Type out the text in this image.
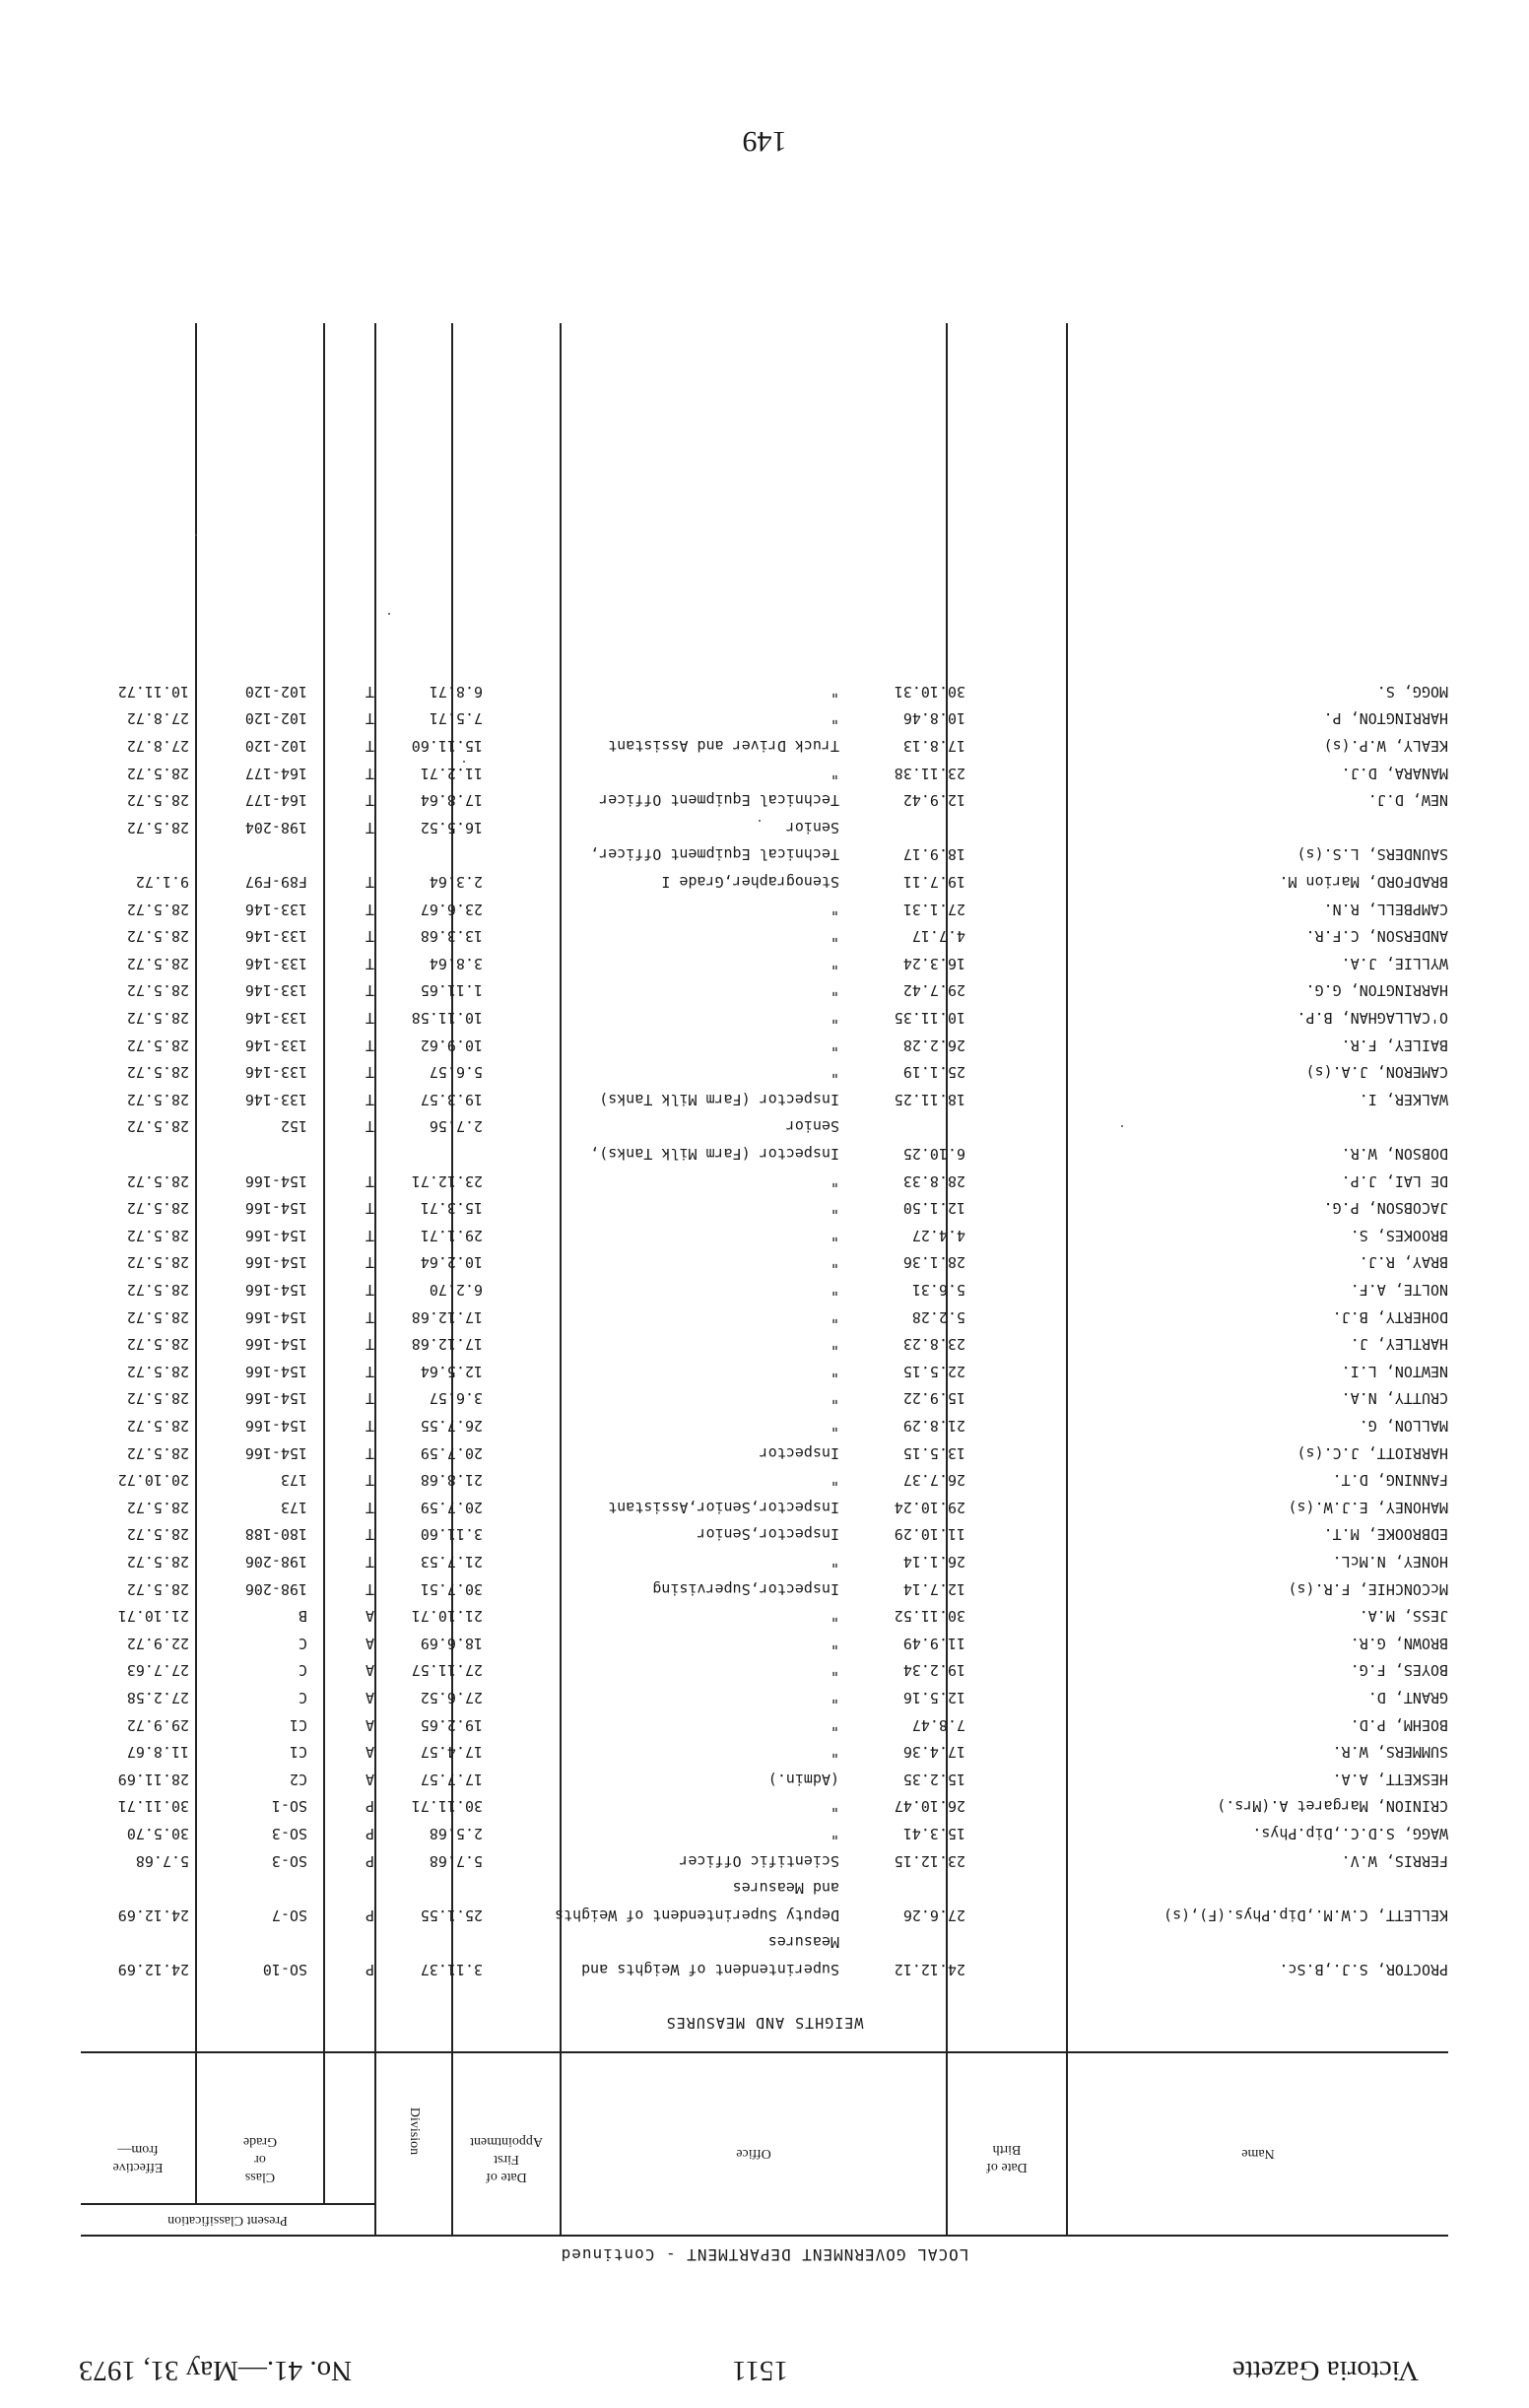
Victoria Gazette
1511
No. 41.—May 31, 1973
LOCAL GOVERNMENT DEPARTMENT - Continued
Name
Date of
Birth
Office
Date of
First
Appointment
Present Classification
Division
Class
or
Grade
Effective
from—
WEIGHTS AND MEASURES
PROCTOR, S.J.,B.Sc.
24.12.12
Superintendent of Weights and
3.11.37
P
SO-10
24.12.69
Measures
KELLETT, C.W.M.,Dip.Phys.(F),(s)
27.6.26
Deputy Superintendent of Weights
25.1.55
P
SO-7
24.12.69
and Measures
FERRIS, W.V.
23.12.15
Scientific Officer
5.7.68
P
SO-3
5.7.68
WAGG, S.D.C.,Dip.Phys.
15.3.41
"
2.5.68
P
SO-3
30.5.70
CRINION, Margaret A.(Mrs.)
26.10.47
"
30.11.71
P
SO-1
30.11.71
HESKETT, A.A.
15.2.35
(Admin.)
17.7.57
A
C2
28.11.69
SUMMERS, W.R.
17.4.36
"
17.4.57
A
C1
11.8.67
BOEHM, P.D.
7.8.47
"
19.2.65
A
C1
29.9.72
GRANT, D.
12.5.16
"
27.6.52
A
C
27.2.58
BOYES, F.G.
19.2.34
"
27.11.57
A
C
27.7.63
BROWN, G.R.
11.9.49
"
18.6.69
A
C
22.9.72
JESS, M.A.
30.11.52
"
21.10.71
A
B
21.10.71
McCONCHIE, F.R.(s)
12.7.14
Inspector,Supervising
30.7.51
T
198-206
28.5.72
HONEY, N.McL.
26.1.14
"
21.7.53
T
198-206
28.5.72
EDBROOKE, M.T.
11.10.29
Inspector,Senior
3.11.60
T
180-188
28.5.72
MAHONEY, E.J.W.(s)
29.10.24
Inspector,Senior,Assistant
20.7.59
T
173
28.5.72
FANNING, D.T.
26.7.37
"
21.8.68
T
173
20.10.72
HARRIOTT, J.C.(s)
13.5.15
Inspector
20.7.59
T
154-166
28.5.72
MALLON, G.
21.8.29
"
26.7.55
T
154-166
28.5.72
CRUTTY, N.A.
15.9.22
"
3.6.57
T
154-166
28.5.72
NEWTON, L.I.
22.5.15
"
12.5.64
T
154-166
28.5.72
HARTLEY, J.
23.8.23
"
17.12.68
T
154-166
28.5.72
DOHERTY, B.J.
5.2.28
"
17.12.68
T
154-166
28.5.72
NOLTE, A.F.
5.6.31
"
6.2.70
T
154-166
28.5.72
BRAY, R.J.
28.1.36
"
10.2.64
T
154-166
28.5.72
BROOKES, S.
4.4.27
"
29.1.71
T
154-166
28.5.72
JACOBSON, P.G.
12.1.50
"
15.3.71
T
154-166
28.5.72
DE LAI, J.P.
28.8.33
"
23.12.71
T
154-166
28.5.72
DOBSON, W.R.
6.10.25
Inspector (Farm Milk Tanks),
Senior
2.7.56
T
152
28.5.72
WALKER, I.
18.11.25
Inspector (Farm Milk Tanks)
19.3.57
T
133-146
28.5.72
CAMERON, J.A.(s)
25.1.19
"
5.6.57
T
133-146
28.5.72
BAILEY, F.R.
26.2.28
"
10.9.62
T
133-146
28.5.72
O'CALLAGHAN, B.P.
10.11.35
"
10.11.58
T
133-146
28.5.72
HARRINGTON, G.G.
29.7.42
"
1.11.65
T
133-146
28.5.72
WYLLIE, J.A.
16.3.24
"
3.8.64
T
133-146
28.5.72
ANDERSON, C.F.R.
4.7.17
"
13.3.68
T
133-146
28.5.72
CAMPBELL, R.N.
27.1.31
"
23.6.67
T
133-146
28.5.72
BRADFORD, Marion M.
19.7.11
Stenographer,Grade I
2.3.64
T
F89-F97
9.1.72
SAUNDERS, L.S.(s)
18.9.17
Technical Equipment Officer,
Senior
16.5.52
T
198-204
28.5.72
NEW, D.J.
12.9.42
Technical Equipment Officer
17.8.64
T
164-177
28.5.72
MANARA, D.J.
23.11.38
"
11.2.71
T
164-177
28.5.72
KEALY, W.P.(s)
17.8.13
Truck Driver and Assistant
15.11.60
T
102-120
27.8.72
HARRINGTON, P.
10.8.46
"
7.5.71
T
102-120
27.8.72
MOGG, S.
30.10.31
"
6.8.71
T
102-120
10.11.72
149
